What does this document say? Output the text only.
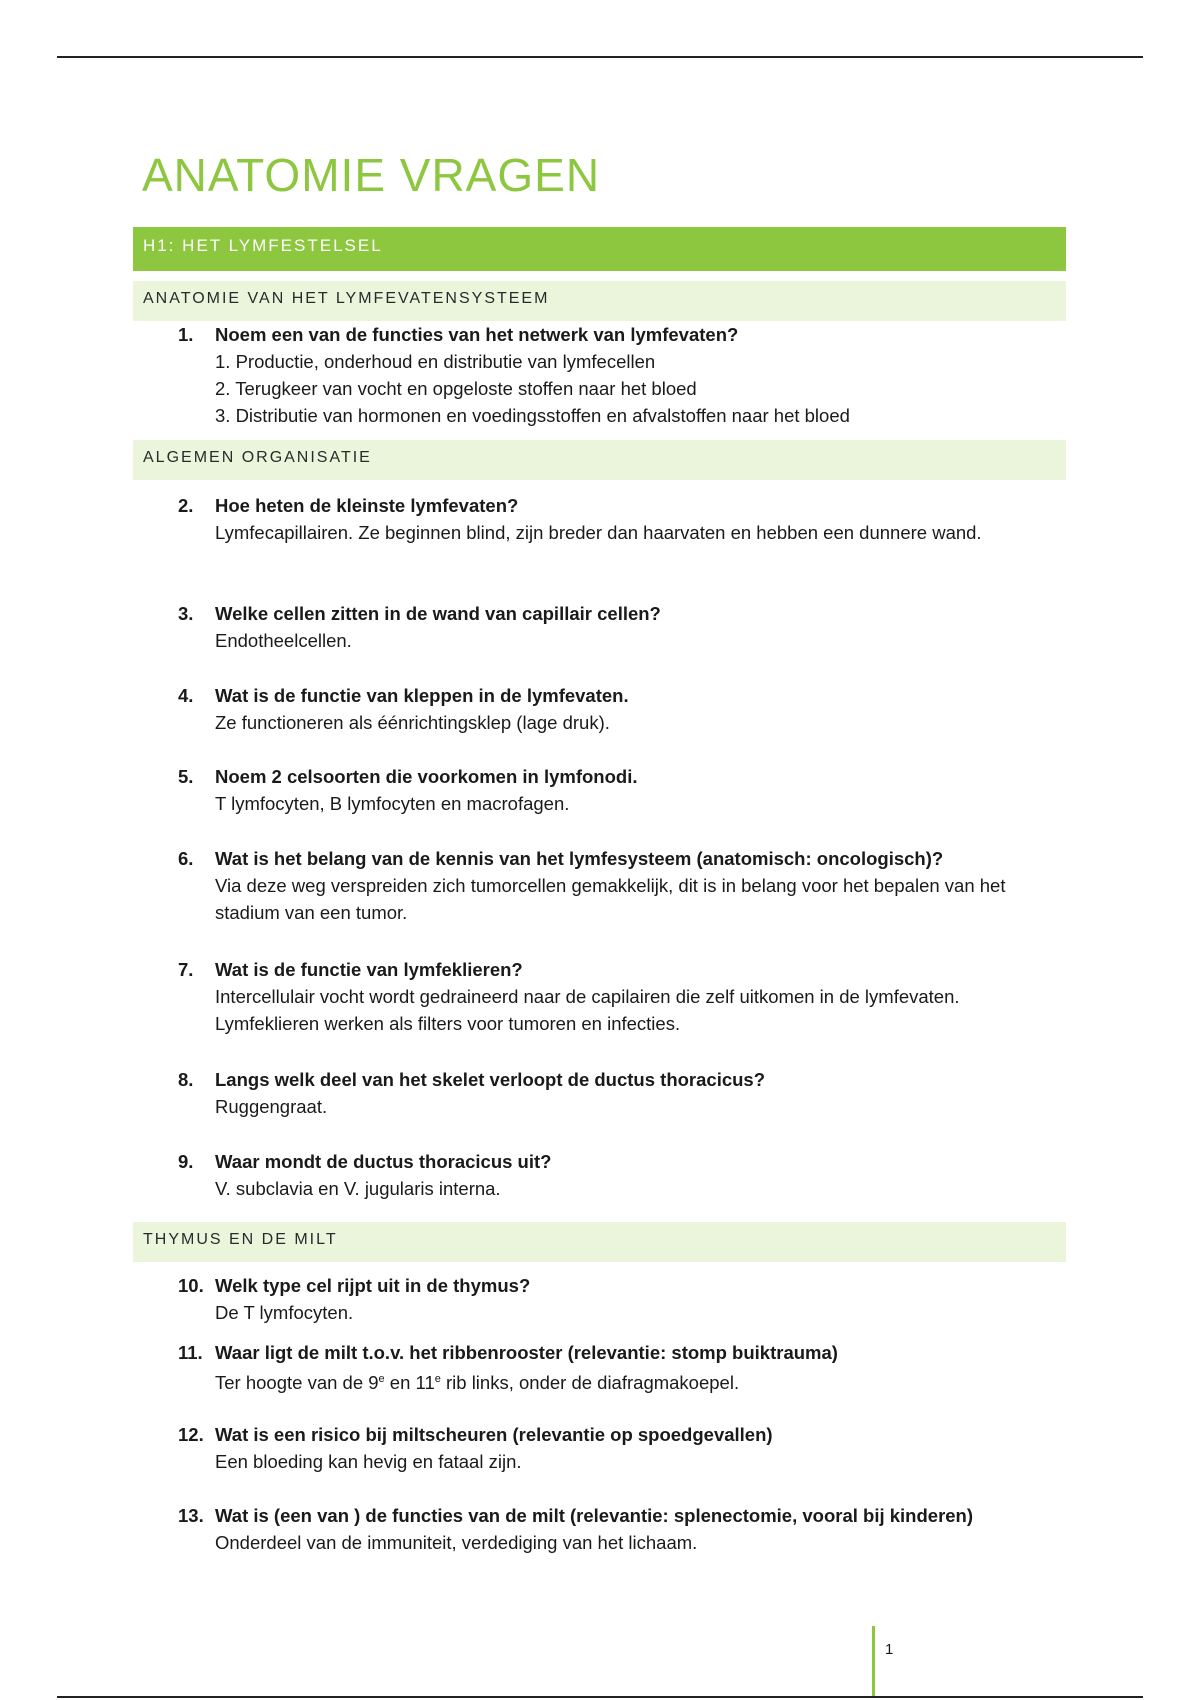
ANATOMIE VRAGEN
H1: HET LYMFESTELSEL
ANATOMIE VAN HET LYMFEVATENSYSTEEM
1. Noem een van de functies van het netwerk van lymfevaten?
1. Productie, onderhoud en distributie van lymfecellen
2. Terugkeer van vocht en opgeloste stoffen naar het bloed
3. Distributie van hormonen en voedingsstoffen en afvalstoffen naar het bloed
ALGEMEN ORGANISATIE
2. Hoe heten de kleinste lymfevaten?
Lymfecapillairen. Ze beginnen blind, zijn breder dan haarvaten en hebben een dunnere wand.
3. Welke cellen zitten in de wand van capillair cellen?
Endotheelcellen.
4. Wat is de functie van kleppen in de lymfevaten.
Ze functioneren als éénrichtingsklep (lage druk).
5. Noem 2 celsoorten die voorkomen in lymfonodi.
T lymfocyten, B lymfocyten en macrofagen.
6. Wat is het belang van de kennis van het lymfesysteem (anatomisch: oncologisch)?
Via deze weg verspreiden zich tumorcellen gemakkelijk, dit is in belang voor het bepalen van het stadium van een tumor.
7. Wat is de functie van lymfeklieren?
Intercellulair vocht wordt gedraineerd naar de capilairen die zelf uitkomen in de lymfevaten. Lymfeklieren werken als filters voor tumoren en infecties.
8. Langs welk deel van het skelet verloopt de ductus thoracicus?
Ruggengraat.
9. Waar mondt de ductus thoracicus uit?
V. subclavia en V. jugularis interna.
THYMUS EN DE MILT
10. Welk type cel rijpt uit in de thymus?
De T lymfocyten.
11. Waar ligt de milt t.o.v. het ribbenrooster (relevantie: stomp buiktrauma)
Ter hoogte van de 9e en 11e rib links, onder de diafragmakoepel.
12. Wat is een risico bij miltscheuren (relevantie op spoedgevallen)
Een bloeding kan hevig en fataal zijn.
13. Wat is (een van ) de functies van de milt (relevantie: splenectomie, vooral bij kinderen)
Onderdeel van de immuniteit, verdediging van het lichaam.
1
